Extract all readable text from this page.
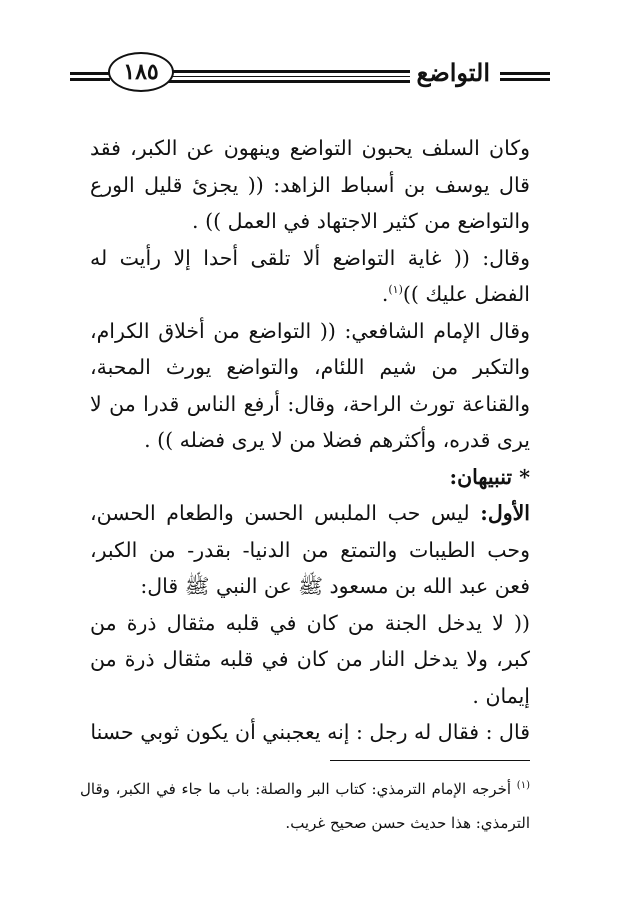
التواضع
١٨٥

وكان السلف يحبون التواضع وينهون عن الكبر، فقد قال يوسف بن أسباط الزاهد: (( يجزئ قليل الورع والتواضع من كثير الاجتهاد في العمل )) .

وقال: (( غاية التواضع ألا تلقى أحدا إلا رأيت له الفضل عليك ))$^{(١)}$.

وقال الإمام الشافعي: (( التواضع من أخلاق الكرام، والتكبر من شيم اللئام، والتواضع يورث المحبة، والقناعة تورث الراحة، وقال: أرفع الناس قدرا من لا يرى قدره، وأكثرهم فضلا من لا يرى فضله )) .

* تنبيهان:

الأول: ليس حب الملبس الحسن والطعام الحسن، وحب الطيبات والتمتع من الدنيا- بقدر- من الكبر، فعن عبد الله بن مسعود ﷺ عن النبي ﷺ قال:

(( لا يدخل الجنة من كان في قلبه مثقال ذرة من كبر، ولا يدخل النار من كان في قلبه مثقال ذرة من إيمان .

قال : فقال له رجل : إنه يعجبني أن يكون ثوبي حسنا

$^{(١)}$ أخرجه الإمام الترمذي: كتاب البر والصلة: باب ما جاء في الكبر، وقال الترمذي: هذا حديث حسن صحيح غريب.
